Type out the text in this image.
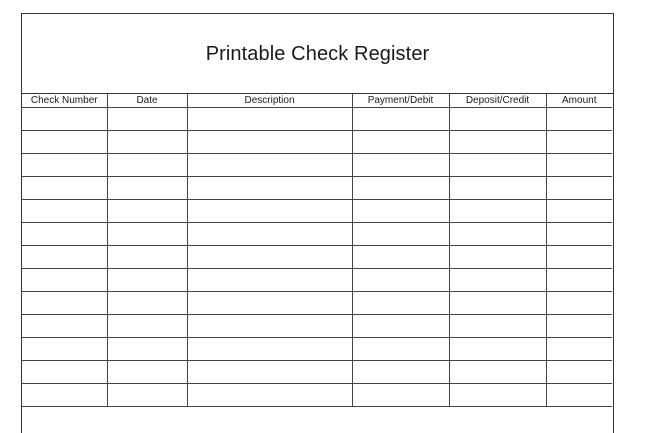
Printable Check Register
Check Number	Date	Description	Payment/Debit	Deposit/Credit	Amount
